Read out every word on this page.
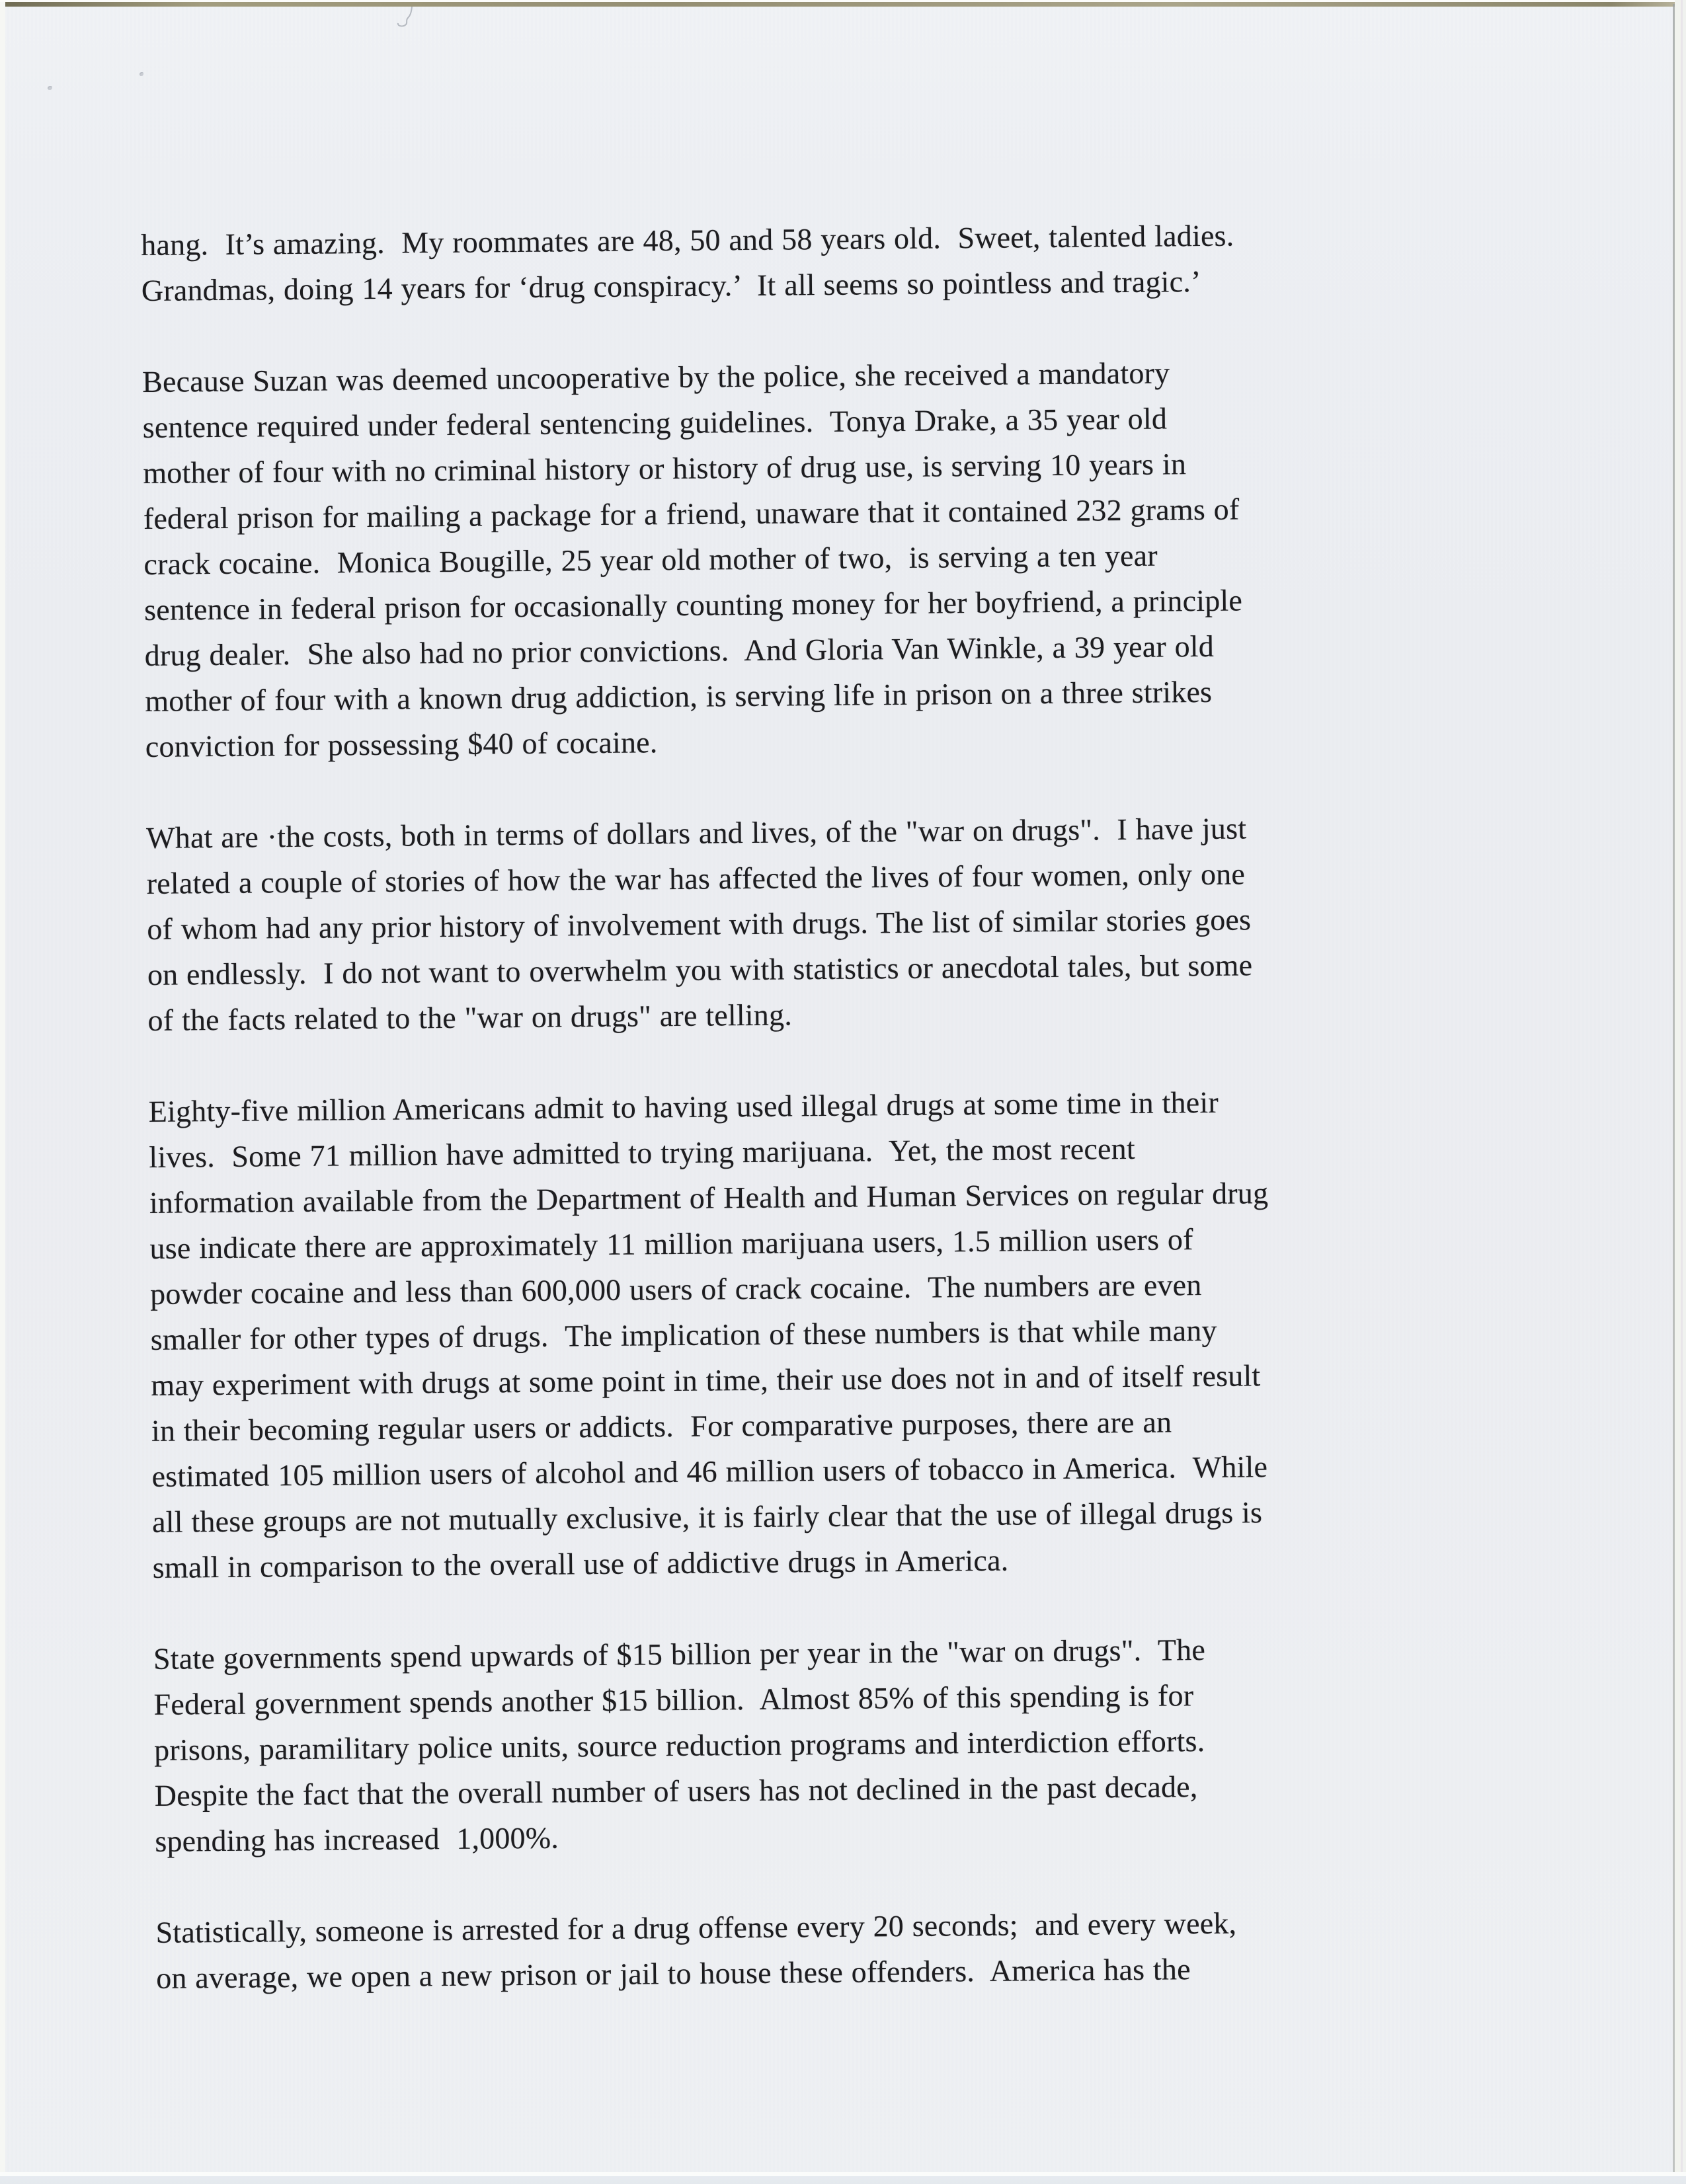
hang.  It’s amazing.  My roommates are 48, 50 and 58 years old.  Sweet, talented ladies.
Grandmas, doing 14 years for ‘drug conspiracy.’  It all seems so pointless and tragic.’
Because Suzan was deemed uncooperative by the police, she received a mandatory
sentence required under federal sentencing guidelines.  Tonya Drake, a 35 year old
mother of four with no criminal history or history of drug use, is serving 10 years in
federal prison for mailing a package for a friend, unaware that it contained 232 grams of
crack cocaine.  Monica Bougille, 25 year old mother of two,  is serving a ten year
sentence in federal prison for occasionally counting money for her boyfriend, a principle
drug dealer.  She also had no prior convictions.  And Gloria Van Winkle, a 39 year old
mother of four with a known drug addiction, is serving life in prison on a three strikes
conviction for possessing $40 of cocaine.
What are ·the costs, both in terms of dollars and lives, of the "war on drugs".  I have just
related a couple of stories of how the war has affected the lives of four women, only one
of whom had any prior history of involvement with drugs. The list of similar stories goes
on endlessly.  I do not want to overwhelm you with statistics or anecdotal tales, but some
of the facts related to the "war on drugs" are telling.
Eighty-five million Americans admit to having used illegal drugs at some time in their
lives.  Some 71 million have admitted to trying marijuana.  Yet, the most recent
information available from the Department of Health and Human Services on regular drug
use indicate there are approximately 11 million marijuana users, 1.5 million users of
powder cocaine and less than 600,000 users of crack cocaine.  The numbers are even
smaller for other types of drugs.  The implication of these numbers is that while many
may experiment with drugs at some point in time, their use does not in and of itself result
in their becoming regular users or addicts.  For comparative purposes, there are an
estimated 105 million users of alcohol and 46 million users of tobacco in America.  While
all these groups are not mutually exclusive, it is fairly clear that the use of illegal drugs is
small in comparison to the overall use of addictive drugs in America.
State governments spend upwards of $15 billion per year in the "war on drugs".  The
Federal government spends another $15 billion.  Almost 85% of this spending is for
prisons, paramilitary police units, source reduction programs and interdiction efforts.
Despite the fact that the overall number of users has not declined in the past decade,
spending has increased  1,000%.
Statistically, someone is arrested for a drug offense every 20 seconds;  and every week,
on average, we open a new prison or jail to house these offenders.  America has the
